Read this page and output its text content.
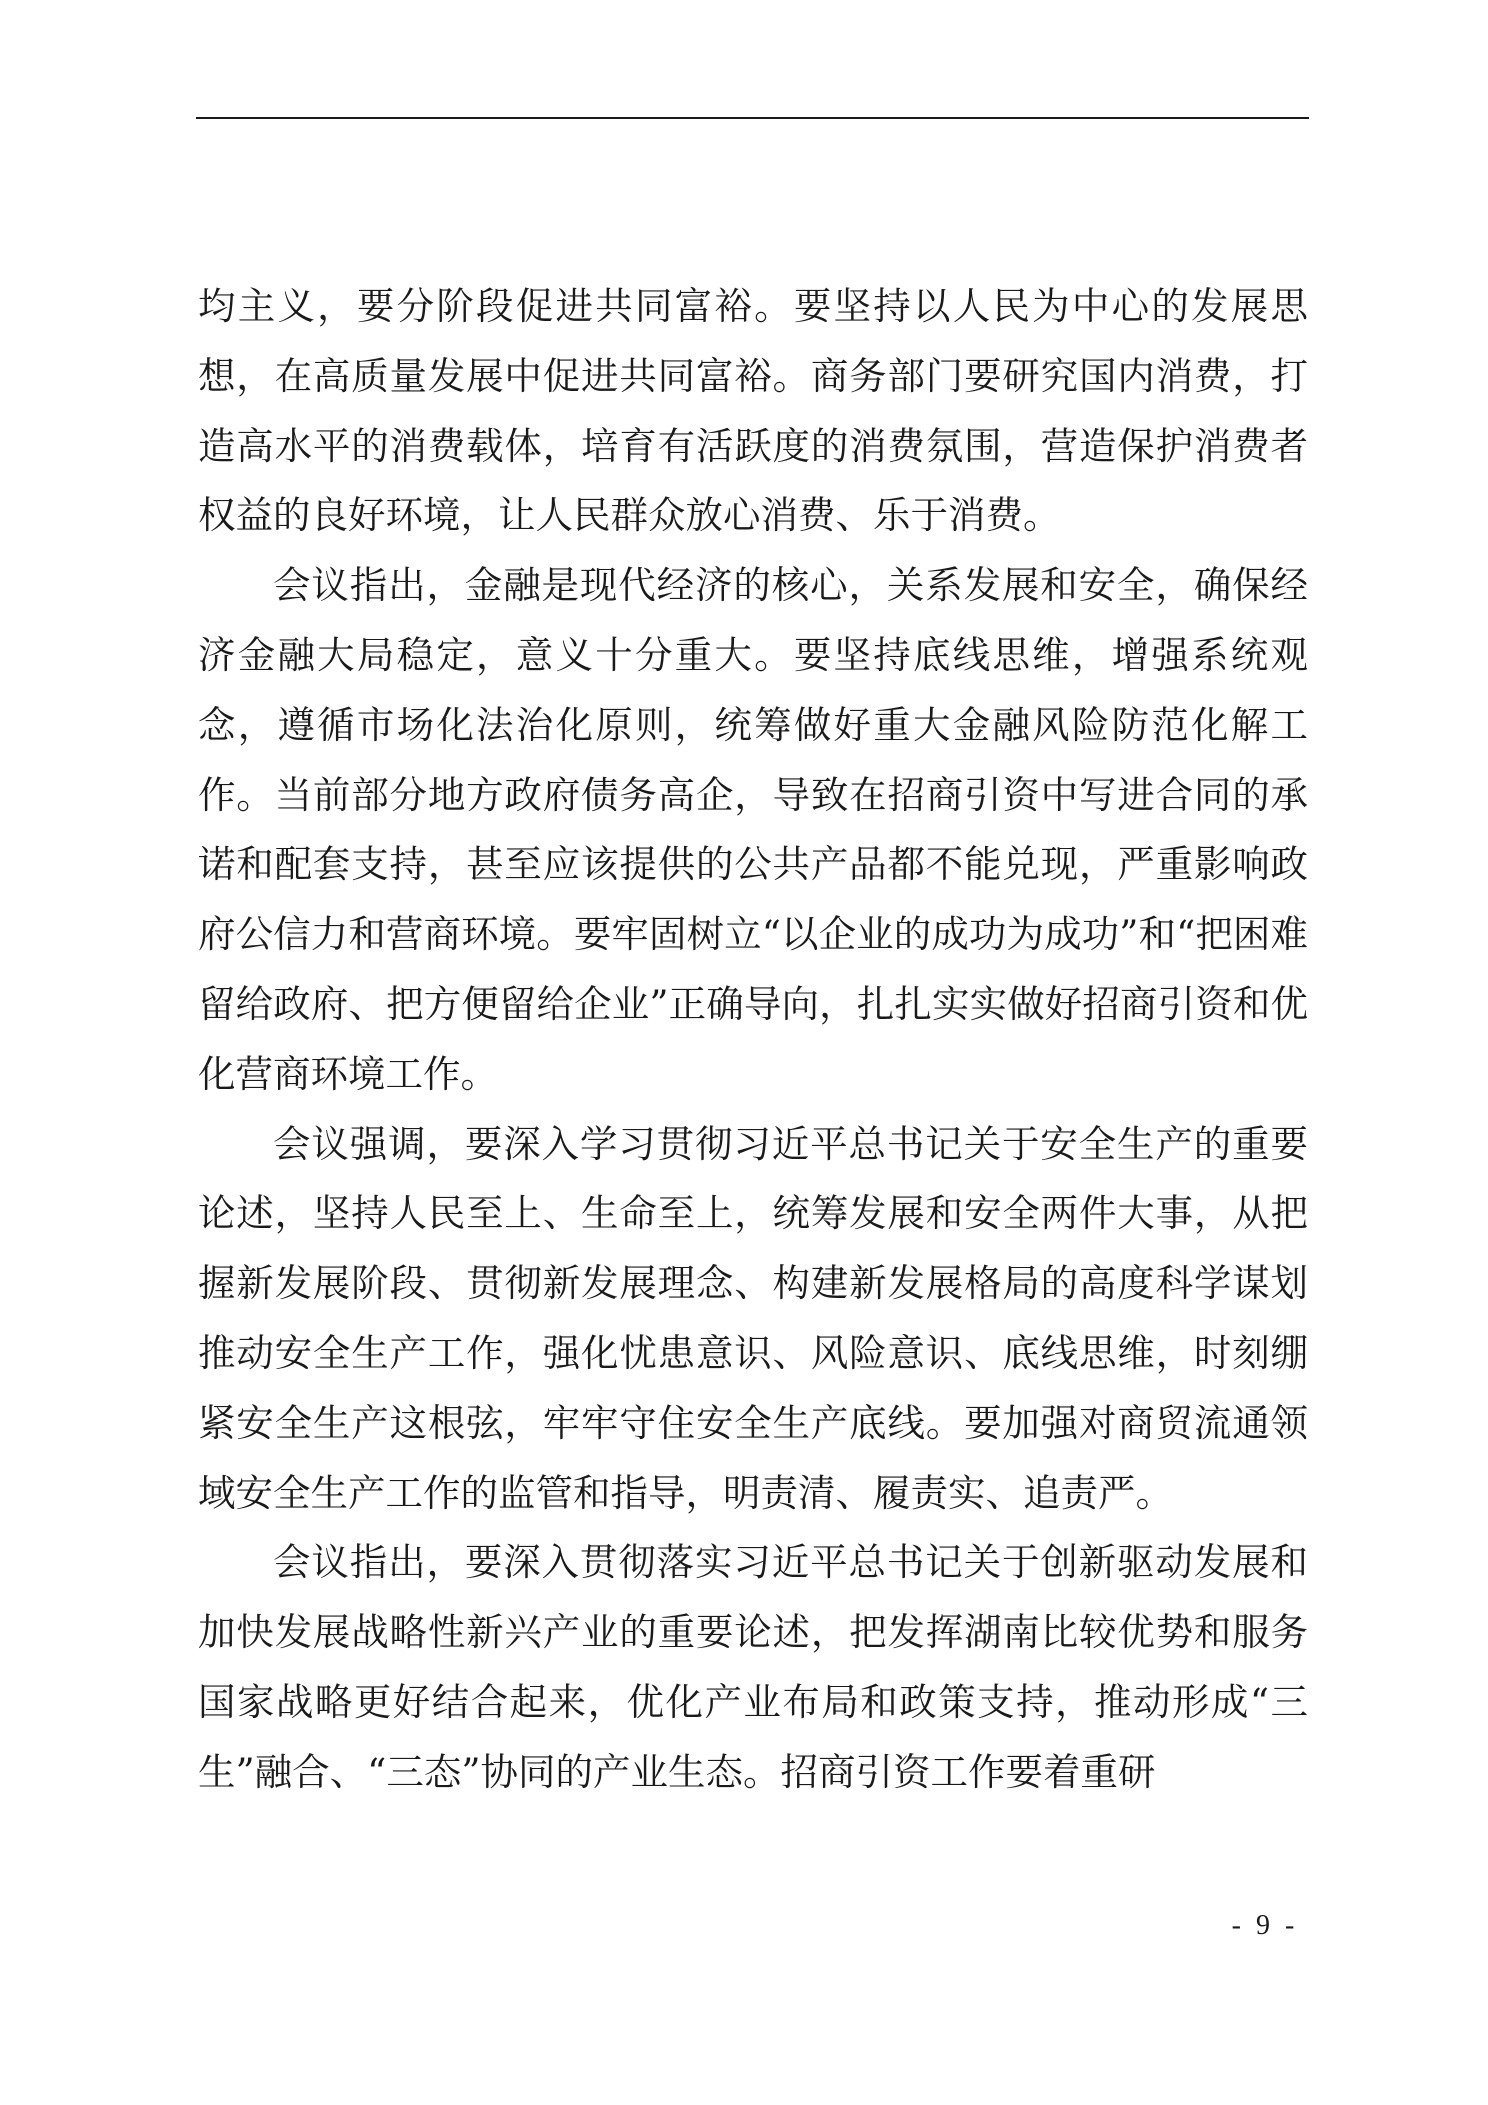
均主义，要分阶段促进共同富裕。要坚持以人民为中心的发展思想，在高质量发展中促进共同富裕。商务部门要研究国内消费，打造高水平的消费载体，培育有活跃度的消费氛围，营造保护消费者权益的良好环境，让人民群众放心消费、乐于消费。

会议指出，金融是现代经济的核心，关系发展和安全，确保经济金融大局稳定，意义十分重大。要坚持底线思维，增强系统观念，遵循市场化法治化原则，统筹做好重大金融风险防范化解工作。当前部分地方政府债务高企，导致在招商引资中写进合同的承诺和配套支持，甚至应该提供的公共产品都不能兑现，严重影响政府公信力和营商环境。要牢固树立“以企业的成功为成功”和“把困难留给政府、把方便留给企业”正确导向，扎扎实实做好招商引资和优化营商环境工作。

会议强调，要深入学习贯彻习近平总书记关于安全生产的重要论述，坚持人民至上、生命至上，统筹发展和安全两件大事，从把握新发展阶段、贯彻新发展理念、构建新发展格局的高度科学谋划推动安全生产工作，强化忧患意识、风险意识、底线思维，时刻绷紧安全生产这根弦，牢牢守住安全生产底线。要加强对商贸流通领域安全生产工作的监管和指导，明责清、履责实、追责严。

会议指出，要深入贯彻落实习近平总书记关于创新驱动发展和加快发展战略性新兴产业的重要论述，把发挥湖南比较优势和服务国家战略更好结合起来，优化产业布局和政策支持，推动形成“三生”融合、“三态”协同的产业生态。招商引资工作要着重研

- 9 -
